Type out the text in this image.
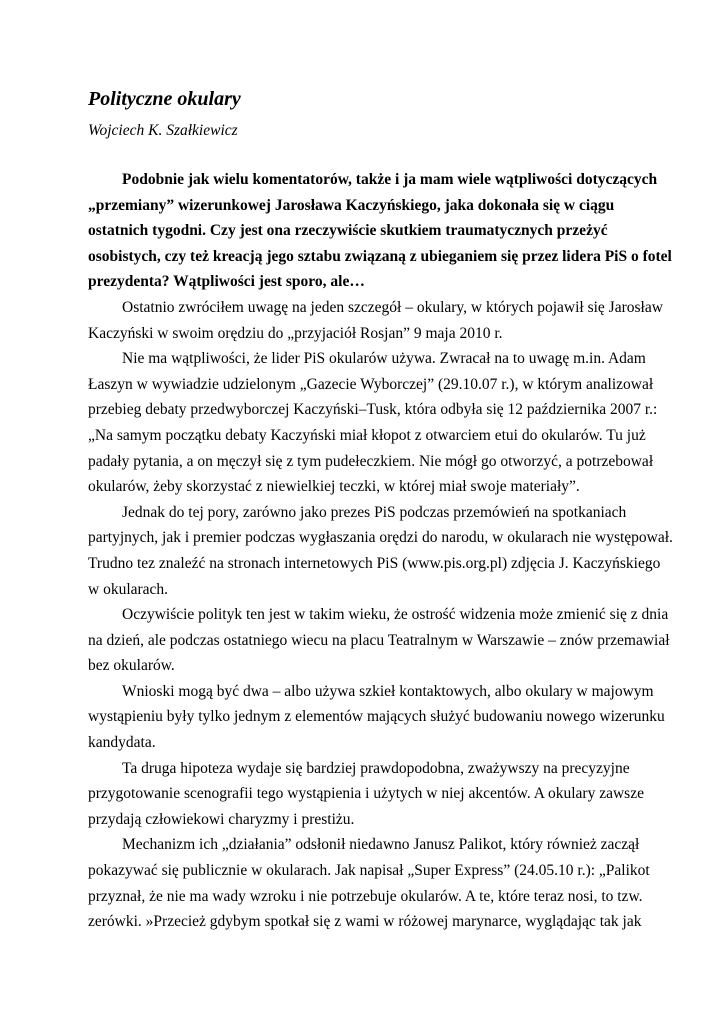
Polityczne okulary

Wojciech K. Szałkiewicz

Podobnie jak wielu komentatorów, także i ja mam wiele wątpliwości dotyczących
„przemiany” wizerunkowej Jarosława Kaczyńskiego, jaka dokonała się w ciągu
ostatnich tygodni. Czy jest ona rzeczywiście skutkiem traumatycznych przeżyć
osobistych, czy też kreacją jego sztabu związaną z ubieganiem się przez lidera PiS o fotel
prezydenta? Wątpliwości jest sporo, ale…
Ostatnio zwróciłem uwagę na jeden szczegół – okulary, w których pojawił się Jarosław
Kaczyński w swoim orędziu do „przyjaciół Rosjan” 9 maja 2010 r.
Nie ma wątpliwości, że lider PiS okularów używa. Zwracał na to uwagę m.in. Adam
Łaszyn w wywiadzie udzielonym „Gazecie Wyborczej” (29.10.07 r.), w którym analizował
przebieg debaty przedwyborczej Kaczyński–Tusk, która odbyła się 12 października 2007 r.:
„Na samym początku debaty Kaczyński miał kłopot z otwarciem etui do okularów. Tu już
padały pytania, a on męczył się z tym pudełeczkiem. Nie mógł go otworzyć, a potrzebował
okularów, żeby skorzystać z niewielkiej teczki, w której miał swoje materiały”.
Jednak do tej pory, zarówno jako prezes PiS podczas przemówień na spotkaniach
partyjnych, jak i premier podczas wygłaszania orędzi do narodu, w okularach nie występował.
Trudno tez znaleźć na stronach internetowych PiS (www.pis.org.pl) zdjęcia J. Kaczyńskiego
w okularach.
Oczywiście polityk ten jest w takim wieku, że ostrość widzenia może zmienić się z dnia
na dzień, ale podczas ostatniego wiecu na placu Teatralnym w Warszawie – znów przemawiał
bez okularów.
Wnioski mogą być dwa – albo używa szkieł kontaktowych, albo okulary w majowym
wystąpieniu były tylko jednym z elementów mających służyć budowaniu nowego wizerunku
kandydata.
Ta druga hipoteza wydaje się bardziej prawdopodobna, zważywszy na precyzyjne
przygotowanie scenografii tego wystąpienia i użytych w niej akcentów. A okulary zawsze
przydają człowiekowi charyzmy i prestiżu.
Mechanizm ich „działania” odsłonił niedawno Janusz Palikot, który również zaczął
pokazywać się publicznie w okularach. Jak napisał „Super Express” (24.05.10 r.): „Palikot
przyznał, że nie ma wady wzroku i nie potrzebuje okularów. A te, które teraz nosi, to tzw.
zerówki. »Przecież gdybym spotkał się z wami w różowej marynarce, wyglądając tak jak
